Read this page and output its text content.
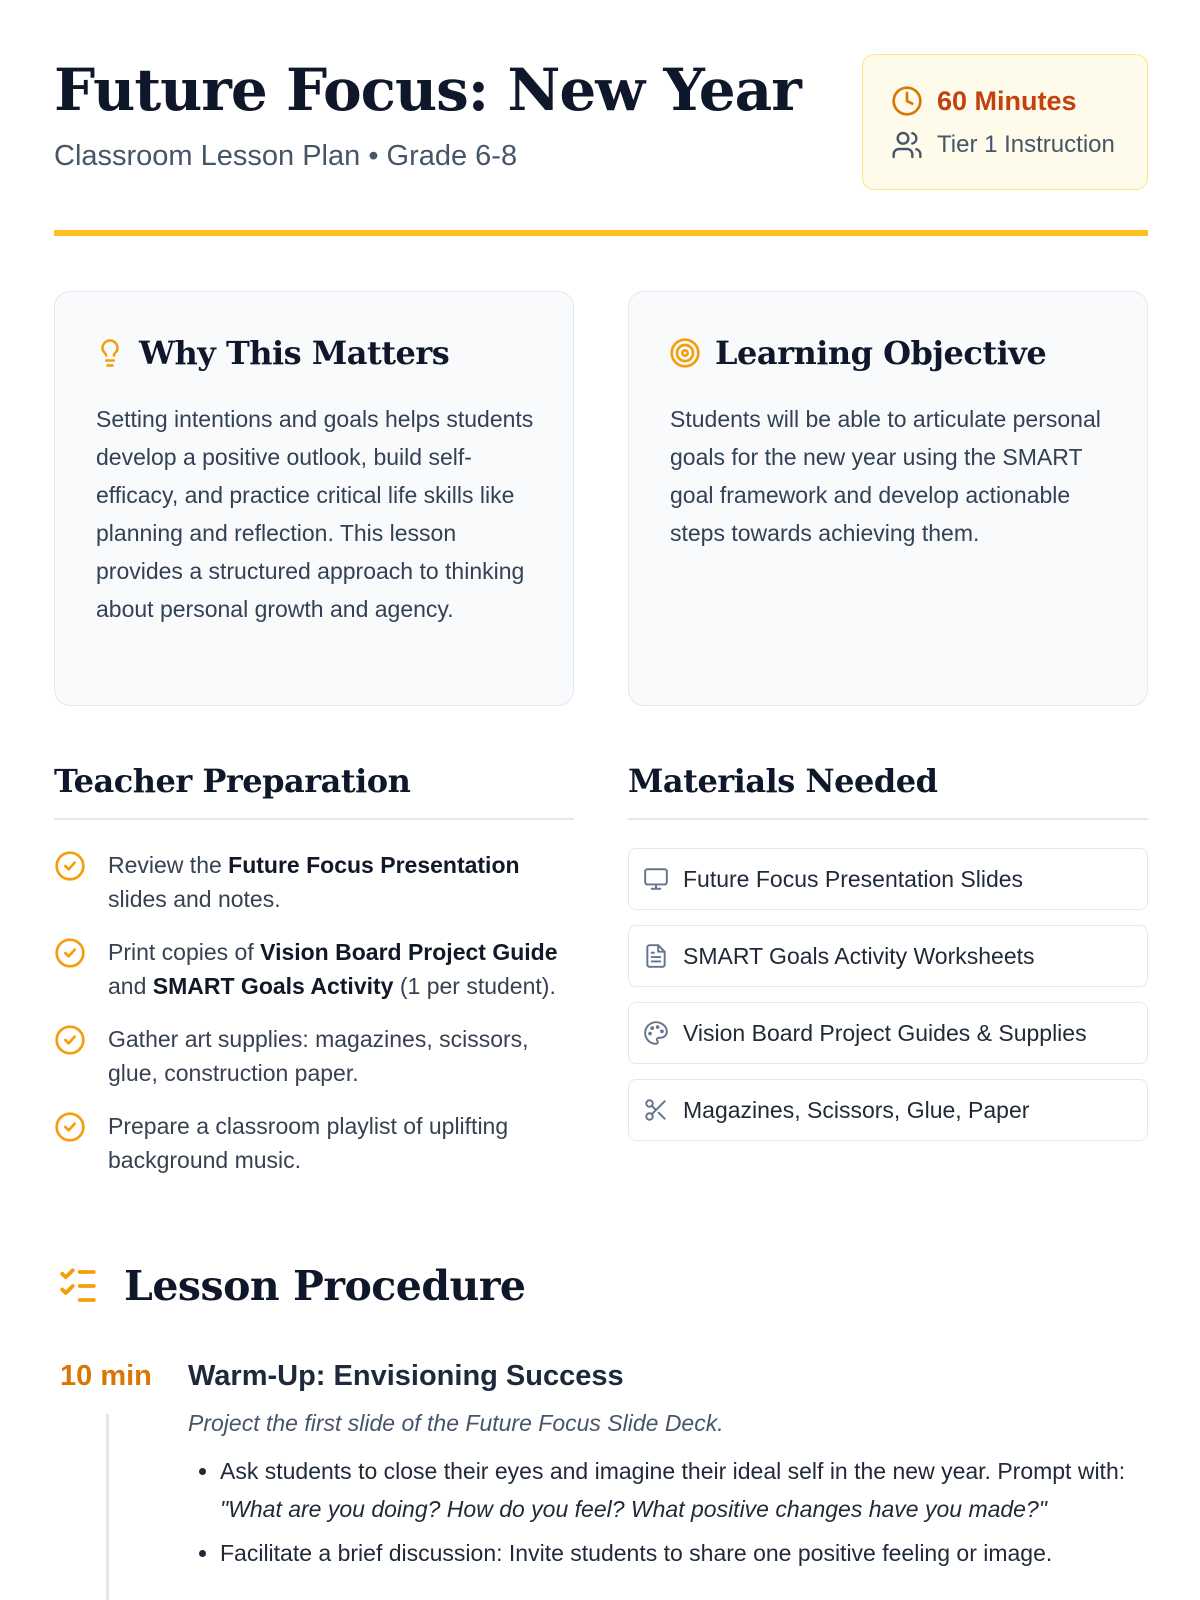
Future Focus: New Year
Classroom Lesson Plan • Grade 6-8
60 Minutes
Tier 1 Instruction
Why This Matters

Setting intentions and goals helps students develop a positive outlook, build self-efficacy, and practice critical life skills like planning and reflection. This lesson provides a structured approach to thinking about personal growth and agency.

Learning Objective

Students will be able to articulate personal goals for the new year using the SMART goal framework and develop actionable steps towards achieving them.

Teacher Preparation
Review the Future Focus Presentation slides and notes.
Print copies of Vision Board Project Guide and SMART Goals Activity (1 per student).
Gather art supplies: magazines, scissors, glue, construction paper.
Prepare a classroom playlist of uplifting background music.
Materials Needed
Future Focus Presentation Slides
SMART Goals Activity Worksheets
Vision Board Project Guides & Supplies
Magazines, Scissors, Glue, Paper
Lesson Procedure
10 min Warm-Up: Envisioning Success
Project the first slide of the Future Focus Slide Deck.
• Ask students to close their eyes and imagine their ideal self in the new year. Prompt with: "What are you doing? How do you feel? What positive changes have you made?"
• Facilitate a brief discussion: Invite students to share one positive feeling or image.
